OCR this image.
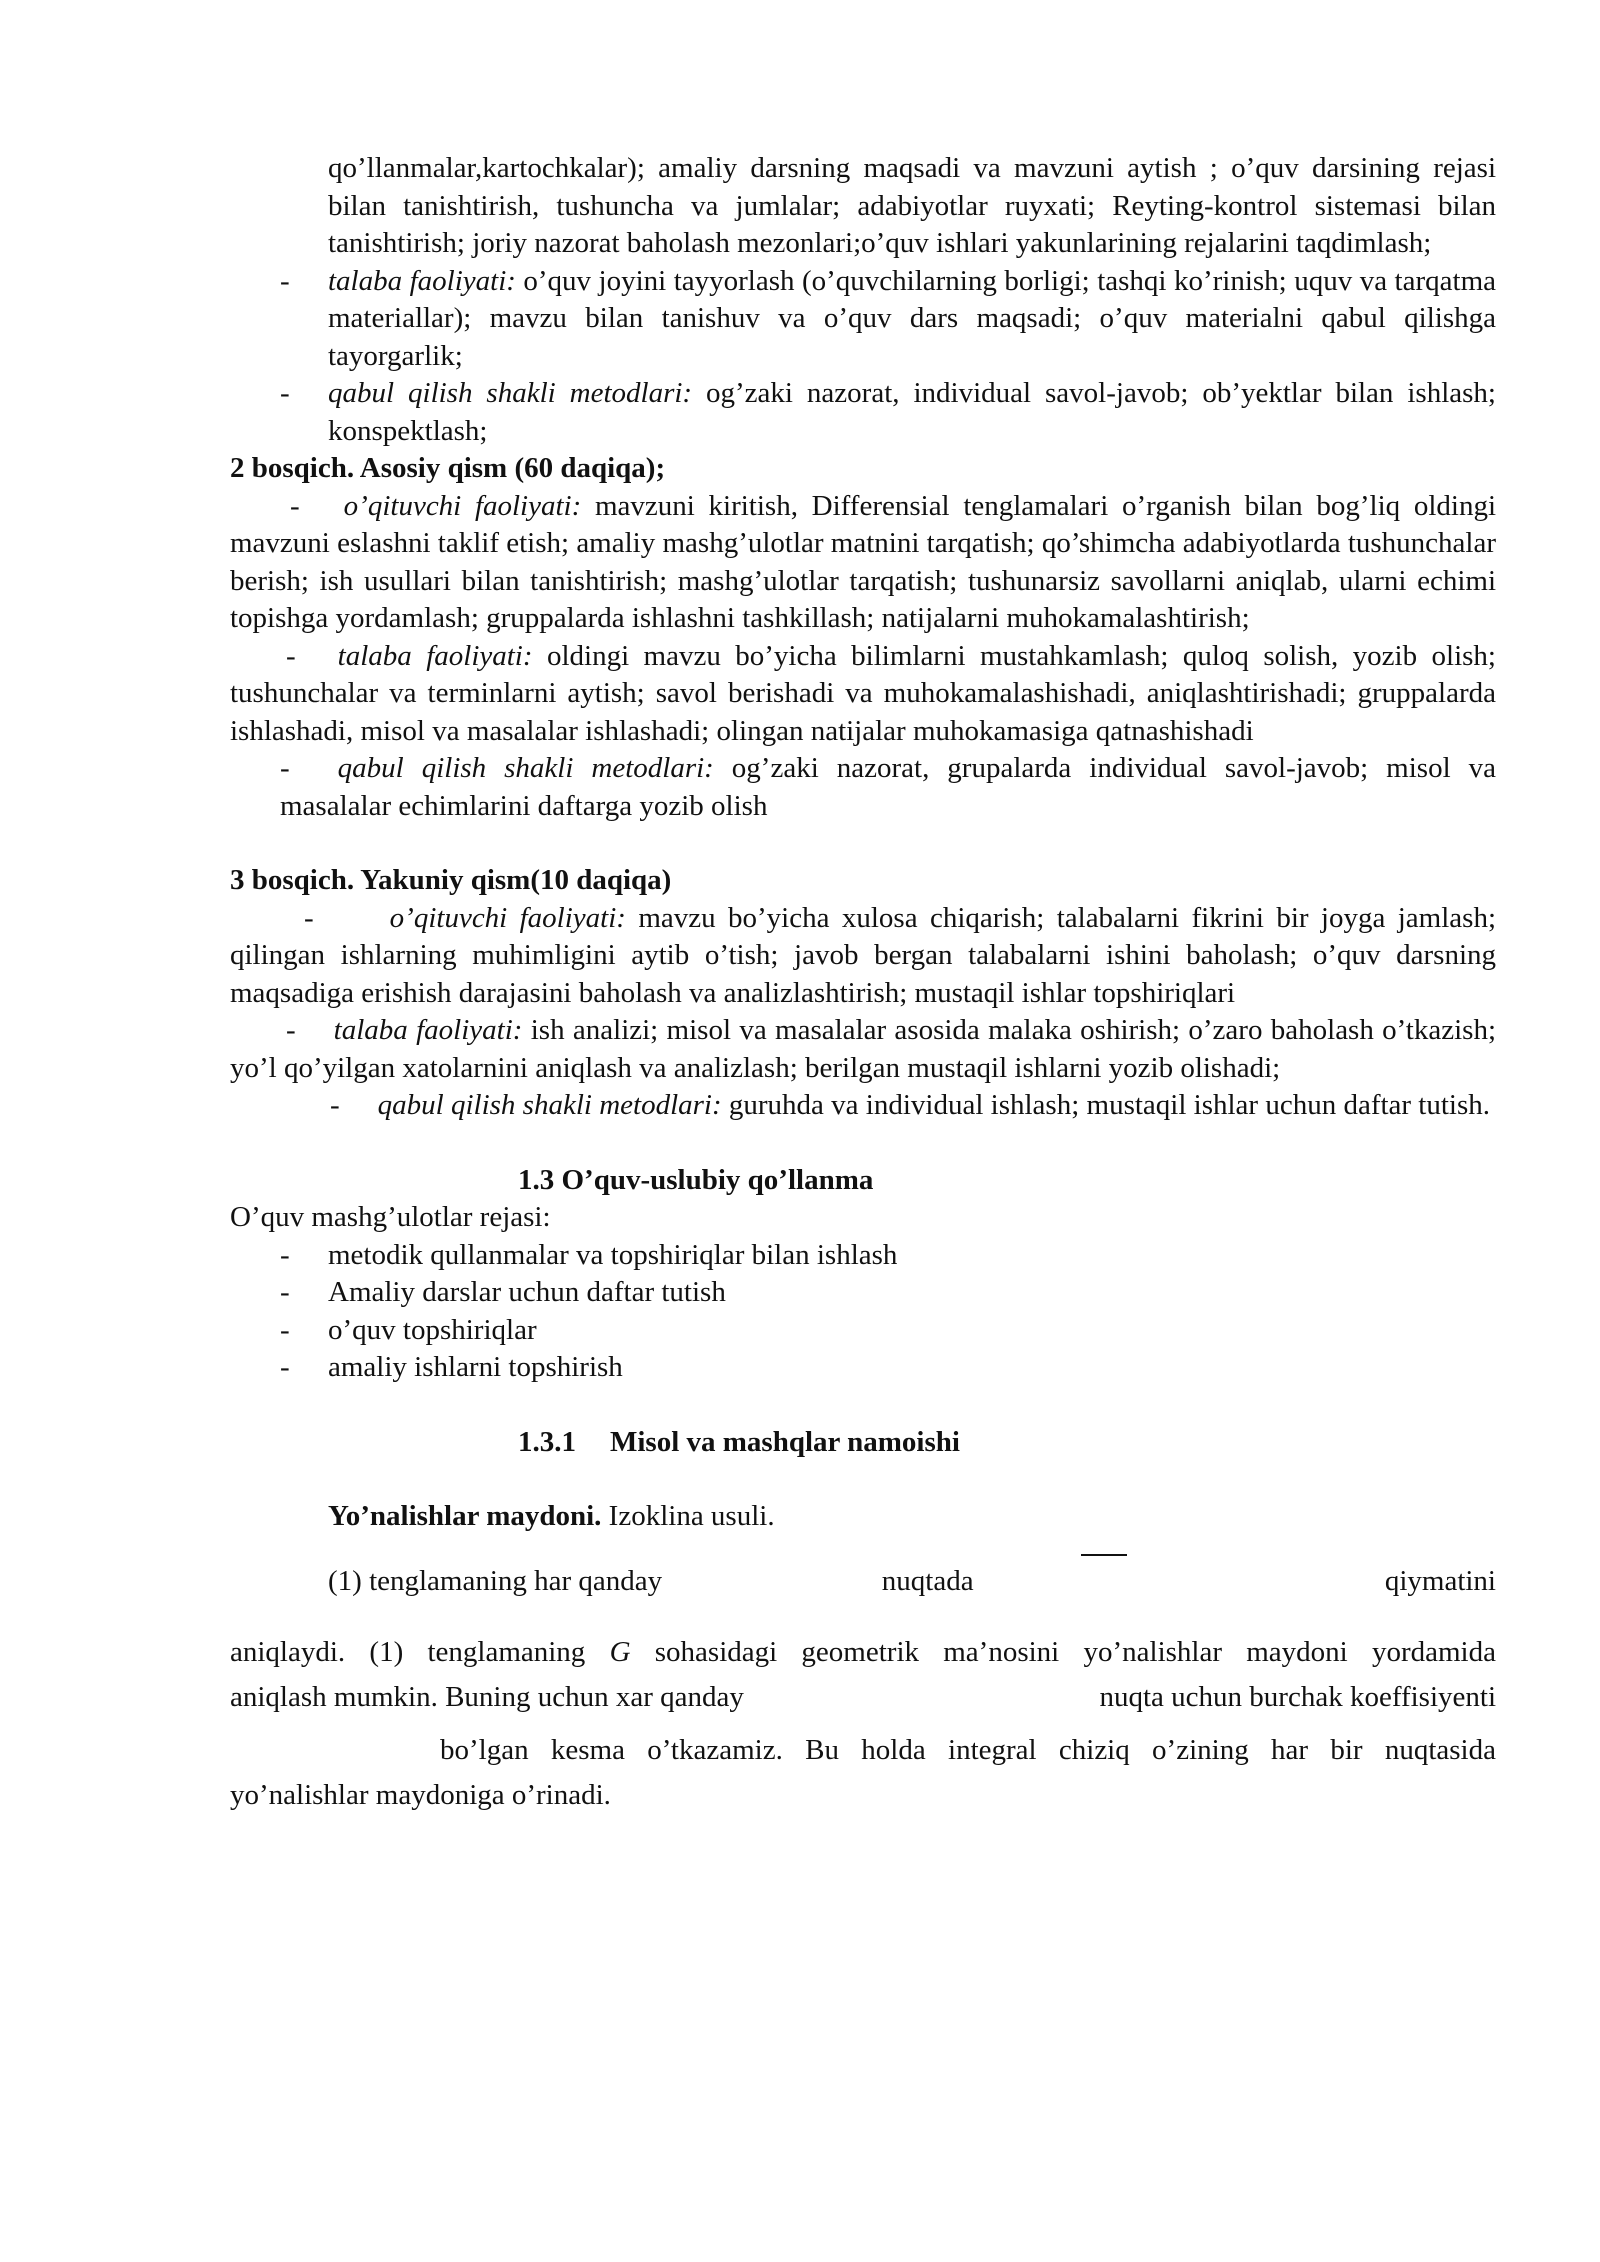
qo’llanmalar,kartochkalar); amaliy darsning maqsadi va mavzuni aytish ; o’quv darsining rejasi bilan tanishtirish, tushuncha va jumlalar; adabiyotlar ruyxati; Reyting-kontrol sistemasi bilan tanishtirish; joriy nazorat baholash mezonlari;o’quv ishlari yakunlarining rejalarini taqdimlash;

- talaba faoliyati: o’quv joyini tayyorlash (o’quvchilarning borligi; tashqi ko’rinish; uquv va tarqatma materiallar); mavzu bilan tanishuv va o’quv dars maqsadi; o’quv materialni qabul qilishga tayorgarlik;

- qabul qilish shakli metodlari: og’zaki nazorat, individual savol-javob; ob’yektlar bilan ishlash; konspektlash;

2 bosqich. Asosiy qism (60 daqiqa);

- o’qituvchi faoliyati: mavzuni kiritish, Differensial tenglamalari o’rganish bilan bog’liq oldingi mavzuni eslashni taklif etish; amaliy mashg’ulotlar matnini tarqatish; qo’shimcha adabiyotlarda tushunchalar berish; ish usullari bilan tanishtirish; mashg’ulotlar tarqatish; tushunarsiz savollarni aniqlab, ularni echimi topishga yordamlash; gruppalarda ishlashni tashkillash; natijalarni muhokamalashtirish;

- talaba faoliyati: oldingi mavzu bo’yicha bilimlarni mustahkamlash; quloq solish, yozib olish; tushunchalar va terminlarni aytish; savol berishadi va muhokamalashishadi, aniqlashtirishadi; gruppalarda ishlashadi, misol va masalalar ishlashadi; olingan natijalar muhokamasiga qatnashishadi

- qabul qilish shakli metodlari: og’zaki nazorat, grupalarda individual savol-javob; misol va masalalar echimlarini daftarga yozib olish

3 bosqich. Yakuniy qism(10 daqiqa)

-	o’qituvchi faoliyati: mavzu bo’yicha xulosa chiqarish; talabalarni fikrini bir joyga jamlash; qilingan ishlarning muhimligini aytib o’tish; javob bergan talabalarni ishini baholash; o’quv darsning maqsadiga erishish darajasini baholash va analizlashtirish; mustaqil ishlar topshiriqlari

- talaba faoliyati: ish analizi; misol va masalalar asosida malaka oshirish; o’zaro baholash o’tkazish; yo’l qo’yilgan xatolarnini aniqlash va analizlash; berilgan mustaqil ishlarni yozib olishadi;

- qabul qilish shakli metodlari: guruhda va individual ishlash; mustaqil ishlar uchun daftar tutish.

1.3 O’quv-uslubiy qo’llanma

O’quv mashg’ulotlar rejasi:

- metodik qullanmalar va topshiriqlar bilan ishlash

- Amaliy darslar uchun daftar tutish

- o’quv topshiriqlar

- amaliy ishlarni topshirish

1.3.1 Misol va mashqlar namoishi

Yo’nalishlar maydoni. Izoklina usuli.

(1) tenglamaning har qanday	nuqtada	qiymatini

aniqlaydi. (1) tenglamaning G sohasidagi geometrik ma’nosini yo’nalishlar maydoni yordamida

aniqlash mumkin. Buning uchun xar qanday	nuqta uchun burchak koeffisiyenti

bo’lgan kesma o’tkazamiz. Bu holda integral chiziq o’zining har bir nuqtasida

yo’nalishlar maydoniga o’rinadi.
